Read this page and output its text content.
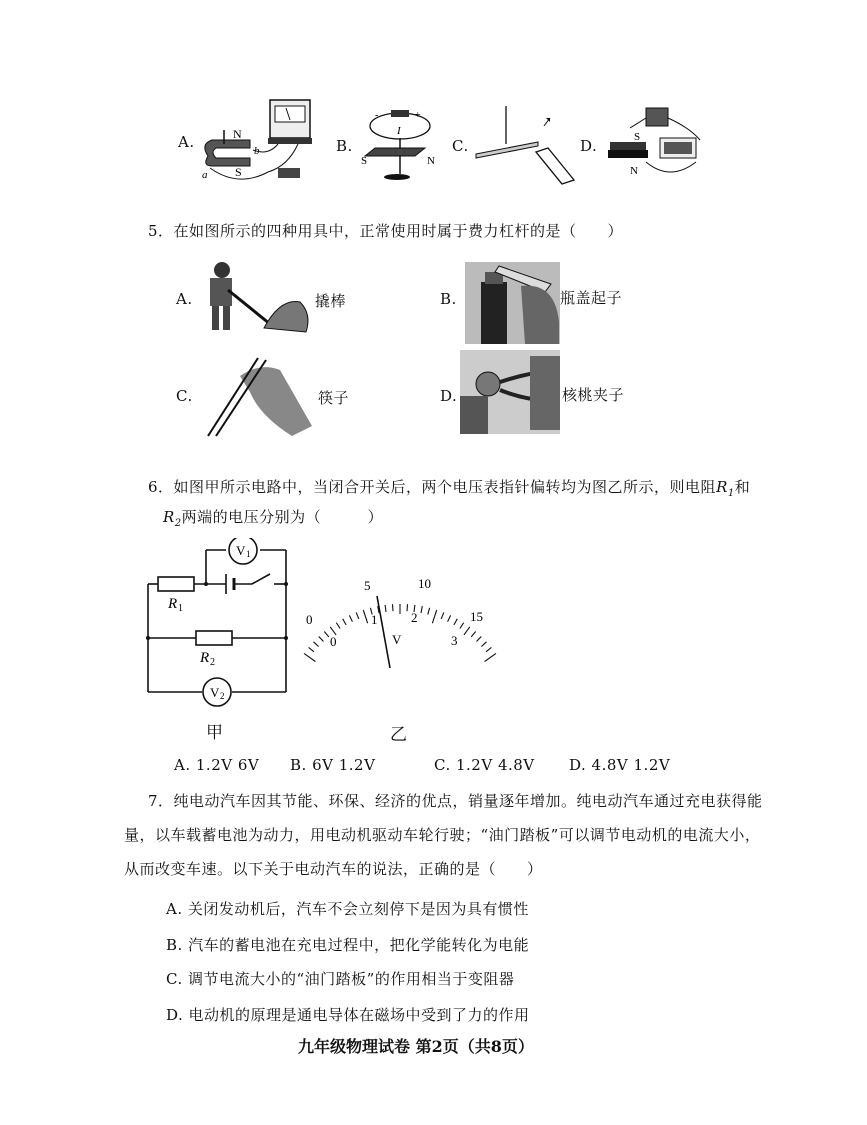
A.	N
S
a
b	B.
-	+
I
S	N
C.	D.	S
N
5．在如图所示的四种用具中，正常使用时属于费力杠杆的是（　　）
A.	撬棒	B.	瓶盖起子
C.	筷子	D.	核桃夹子
6．如图甲所示电路中，当闭合开关后，两个电压表指针偏转均为图乙所示，则电阻$R_1$和
$R_2$两端的电压分别为（　　　）
V 1
V 2
R 1
R 2
甲
0
5	10
15
0
1	2
3
V
乙
A. 1.2V 6V B. 6V 1.2V	C. 1.2V 4.8V D. 4.8V 1.2V
7．纯电动汽车因其节能、环保、经济的优点，销量逐年增加。纯电动汽车通过充电获得能
量，以车载蓄电池为动力，用电动机驱动车轮行驶；“油门踏板”可以调节电动机的电流大小，
从而改变车速。以下关于电动汽车的说法，正确的是（　　）
A. 关闭发动机后，汽车不会立刻停下是因为具有惯性
B. 汽车的蓄电池在充电过程中，把化学能转化为电能
C. 调节电流大小的“油门踏板”的作用相当于变阻器
D. 电动机的原理是通电导体在磁场中受到了力的作用
九年级物理试卷 第2页（共8页）
